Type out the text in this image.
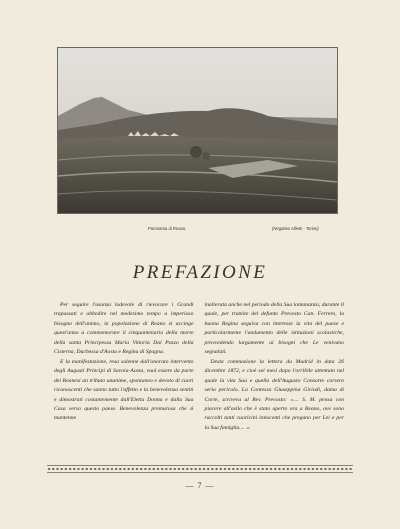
Panorama di Reano.	(Negativo Allietti - Torino)
PREFAZIONE

Per seguire l'usanza lodevole di rievocare i Grandi trapassati e obbedire nel medesimo tempo a imperioso bisogno dell'animo, la popolazione di Reano si accinge quest'anno a commemorare il cinquantenario della morte della santa Principessa Maria Vittoria Dal Pozzo della Cisterna, Duchessa d'Aosta e Regina di Spagna.

E la manifestazione, resa solenne dall'onorato intervento degli Augusti Principi di Savoia-Aosta, vuol essere da parte dei Reanesi un tributo unanime, spontaneo e devoto di cuori riconoscenti che sanno tutto l'affetto e la benevolenza sentiti e dimostrati costantemente dall'Eletta Donna e dalla Sua Casa verso questo paese. Benevolenza premurosa che si mantenne

inalterata anche nel periodo della Sua lontananza, durante il quale, per tramite del defunto Prevosto Can. Ferrero, la buona Regina seguiva con interesse la vita del paese e particolarmente l'andamento delle istituzioni scolastiche, provvedendo largamente ai bisogni che Le venivano segnalati.

Desta commozione la lettera da Madrid in data 26 dicembre 1872, e cioè sei mesi dopo l'orribile attentato nel quale la vita Sua e quella dell'Augusto Consorte corsero serio pericolo. La Contessa Giuseppina Giriodi, dama di Corte, scriveva al Rev. Prevosto: «.... S. M. pensa con piacere all'asilo che è stato aperto ora a Reano, ove sono raccolti tanti cuoricini innocenti che pregano per Lei e per la Sua famiglia.... ».

— 7 —
